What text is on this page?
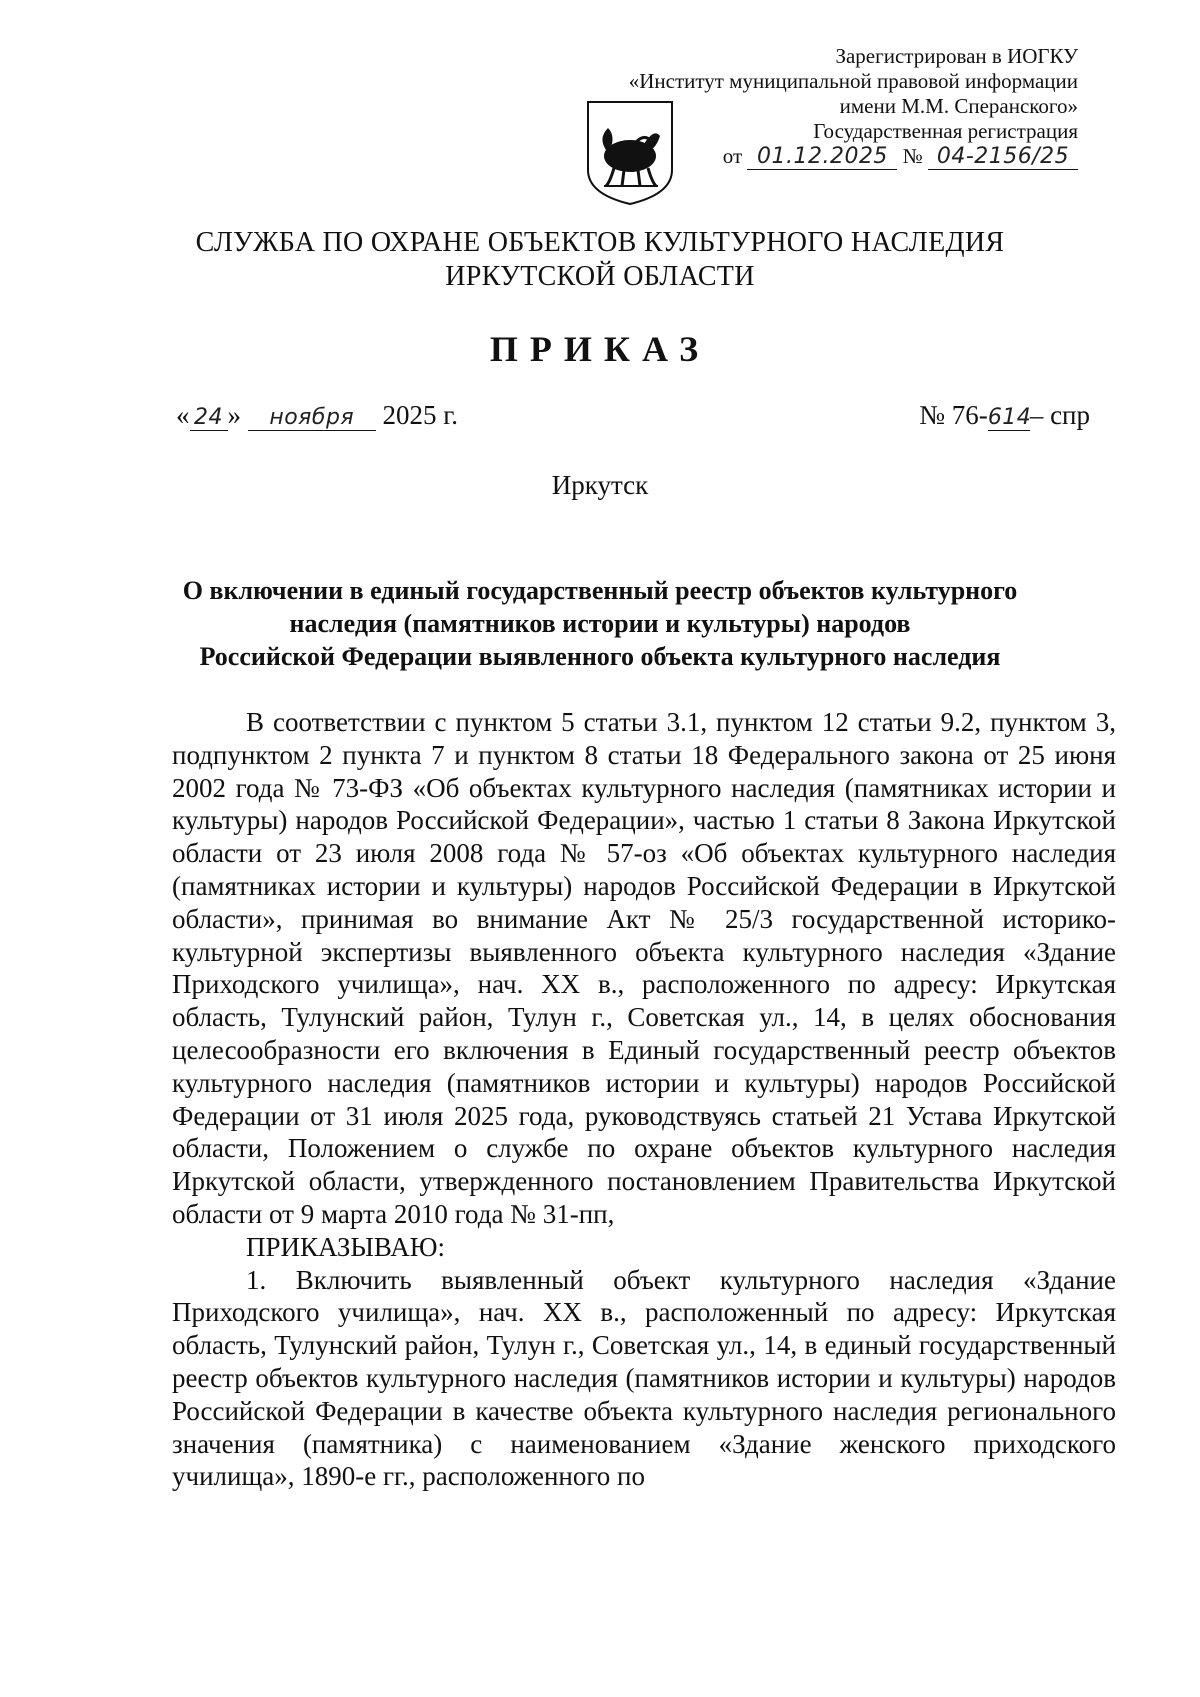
Зарегистрирован в ИОГКУ
«Институт муниципальной правовой информации
имени М.М. Сперанского»
Государственная регистрация
от 01.12.2025 № 04-2156/25
СЛУЖБА ПО ОХРАНЕ ОБЪЕКТОВ КУЛЬТУРНОГО НАСЛЕДИЯ
ИРКУТСКОЙ ОБЛАСТИ
ПРИКАЗ
« 24 » ноября 2025 г.	№ 76-614– спр
Иркутск
О включении в единый государственный реестр объектов культурного
наследия (памятников истории и культуры) народов
Российской Федерации выявленного объекта культурного наследия

В соответствии с пунктом 5 статьи 3.1, пунктом 12 статьи 9.2, пунктом 3, подпунктом 2 пункта 7 и пунктом 8 статьи 18 Федерального закона от 25 июня 2002 года № 73-ФЗ «Об объектах культурного наследия (памятниках истории и культуры) народов Российской Федерации», частью 1 статьи 8 Закона Иркутской области от 23 июля 2008 года № 57-оз «Об объектах культурного наследия (памятниках истории и культуры) народов Российской Федерации в Иркутской области», принимая во внимание Акт № 25/3 государственной историко-культурной экспертизы выявленного объекта культурного наследия «Здание Приходского училища», нач. XX в., расположенного по адресу: Иркутская область, Тулунский район, Тулун г., Советская ул., 14, в целях обоснования целесообразности его включения в Единый государственный реестр объектов культурного наследия (памятников истории и культуры) народов Российской Федерации от 31 июля 2025 года, руководствуясь статьей 21 Устава Иркутской области, Положением о службе по охране объектов культурного наследия Иркутской области, утвержденного постановлением Правительства Иркутской области от 9 марта 2010 года № 31-пп,

ПРИКАЗЫВАЮ:

1. Включить выявленный объект культурного наследия «Здание Приходского училища», нач. XX в., расположенный по адресу: Иркутская область, Тулунский район, Тулун г., Советская ул., 14, в единый государственный реестр объектов культурного наследия (памятников истории и культуры) народов Российской Федерации в качестве объекта культурного наследия регионального значения (памятника) с наименованием «Здание женского приходского училища», 1890-е гг., расположенного по
